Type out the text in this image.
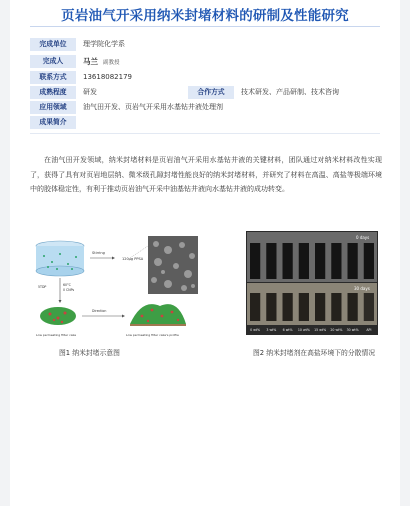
页岩油气开采用纳米封堵材料的研制及性能研究
完成单位	理学院化学系
完成人	马兰 副教授
联系方式	13618082179
成熟程度	研发	合作方式	技术研发、产品研制、技术咨询
应用领域	油气田开发、页岩气开采用水基钻井液处理剂
成果简介
在油气田开发领域，纳米封堵材料是页岩油气开采用水基钻井液的关键材料，团队通过对纳米材料改性实现了，获得了具有对页岩地层纳、微米级孔隙封堵性能良好的纳米封堵材料，并研究了材料在高温、高盐等极端环境中的胶体稳定性，有利于推动页岩油气开采中油基钻井液向水基钻井液的成功转变。
Stirring
120μg PPSA
5TDP	60°C
0 CNPs
Low permeating filter cake
Direction
Low permeating filter cake's profile
图1 纳米封堵示意图
0 days
30 days
0 wt% 3 wt% 6 wt% 10 wt% 15 wt% 20 wt% 30 wt% API
图2 纳米封堵剂在高盐环境下的分散情况
